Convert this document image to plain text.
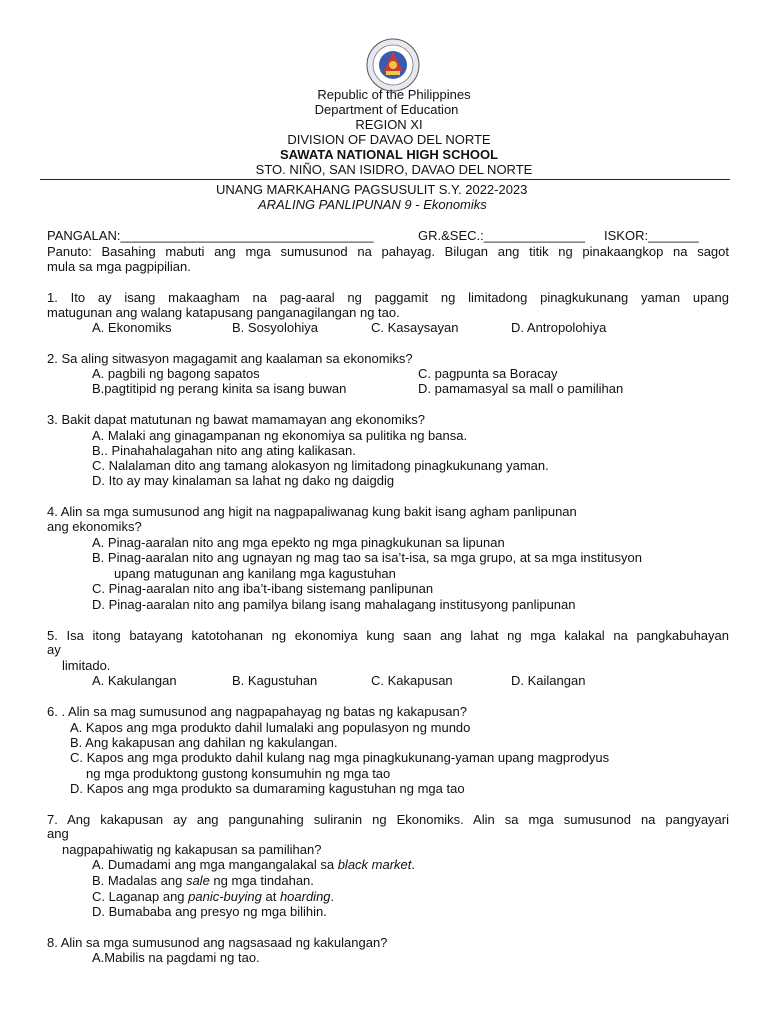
Republic of the Philippines
Department of Education
REGION XI
DIVISION OF DAVAO DEL NORTE
SAWATA NATIONAL HIGH SCHOOL
STO. NIÑO, SAN ISIDRO, DAVAO DEL NORTE
UNANG MARKAHANG PAGSUSULIT S.Y. 2022-2023
ARALING PANLIPUNAN 9 - Ekonomiks
PANGALAN:___________________________________	GR.&SEC.:______________ ISKOR:_______
Panuto: Basahing mabuti ang mga sumusunod na pahayag. Bilugan ang titik ng pinakaangkop na sagot
mula sa mga pagpipilian.
1. Ito ay isang makaagham na pag-aaral ng paggamit ng limitadong pinagkukunang yaman upang
matugunan ang walang katapusang panganagilangan ng tao.
A. Ekonomiks	B. Sosyolohiya	C. Kasaysayan	D. Antropolohiya
2. Sa aling sitwasyon magagamit ang kaalaman sa ekonomiks?
A. pagbili ng bagong sapatos	C. pagpunta sa Boracay
B.pagtitipid ng perang kinita sa isang buwan	D. pamamasyal sa mall o pamilihan
3. Bakit dapat matutunan ng bawat mamamayan ang ekonomiks?
A. Malaki ang ginagampanan ng ekonomiya sa pulitika ng bansa.
B.. Pinahahalagahan nito ang ating kalikasan.
C. Nalalaman dito ang tamang alokasyon ng limitadong pinagkukunang yaman.
D. Ito ay may kinalaman sa lahat ng dako ng daigdig
4. Alin sa mga sumusunod ang higit na nagpapaliwanag kung bakit isang agham panlipunan
ang ekonomiks?
A. Pinag-aaralan nito ang mga epekto ng mga pinagkukunan sa lipunan
B. Pinag-aaralan nito ang ugnayan ng mag tao sa isa’t-isa, sa mga grupo, at sa mga institusyon
upang matugunan ang kanilang mga kagustuhan
C. Pinag-aaralan nito ang iba’t-ibang sistemang panlipunan
D. Pinag-aaralan nito ang pamilya bilang isang mahalagang institusyong panlipunan
5. Isa itong batayang katotohanan ng ekonomiya kung saan ang lahat ng mga kalakal na pangkabuhayan
ay
limitado.
A. Kakulangan	B. Kagustuhan	C. Kakapusan	D. Kailangan
6. . Alin sa mag sumusunod ang nagpapahayag ng batas ng kakapusan?
A. Kapos ang mga produkto dahil lumalaki ang populasyon ng mundo
B. Ang kakapusan ang dahilan ng kakulangan.
C. Kapos ang mga produkto dahil kulang nag mga pinagkukunang-yaman upang magprodyus
ng mga produktong gustong konsumuhin ng mga tao
D. Kapos ang mga produkto sa dumaraming kagustuhan ng mga tao
7. Ang kakapusan ay ang pangunahing suliranin ng Ekonomiks. Alin sa mga sumusunod na pangyayari
ang
nagpapahiwatig ng kakapusan sa pamilihan?
A. Dumadami ang mga mangangalakal sa black market.
B. Madalas ang sale ng mga tindahan.
C. Laganap ang panic-buying at hoarding.
D. Bumababa ang presyo ng mga bilihin.
8. Alin sa mga sumusunod ang nagsasaad ng kakulangan?
A.Mabilis na pagdami ng tao.
